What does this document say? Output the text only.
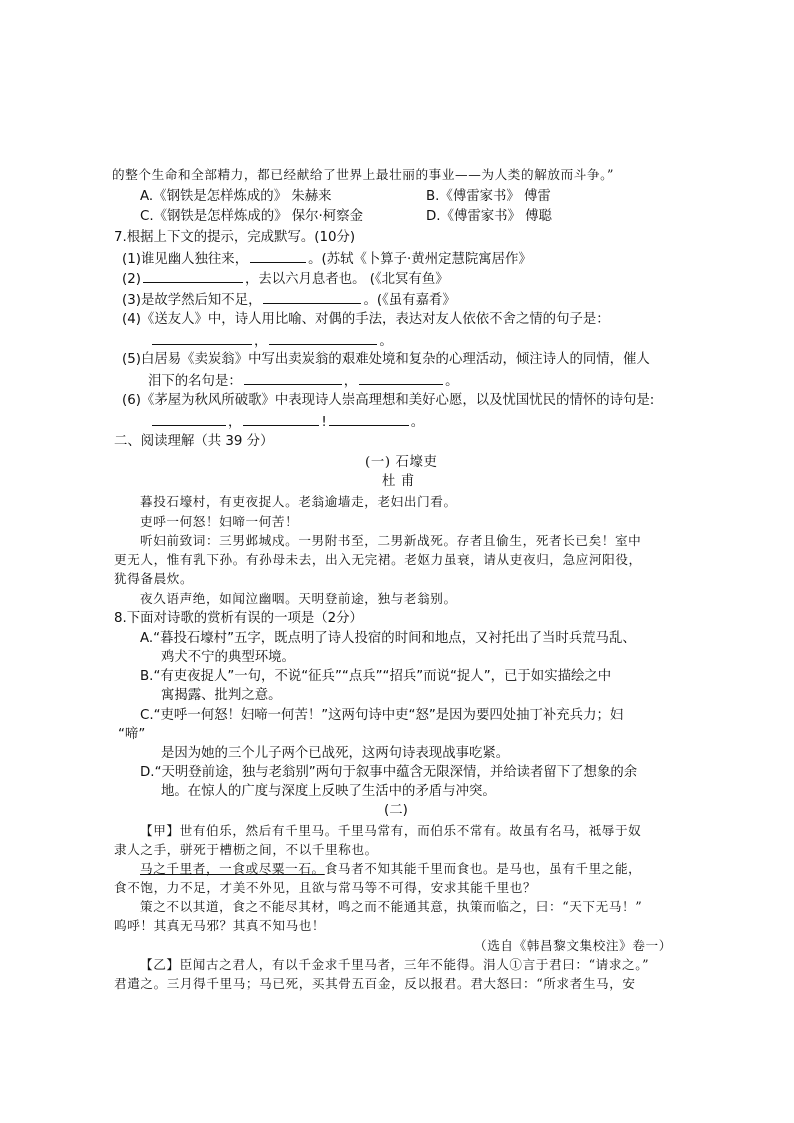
的整个生命和全部精力，都已经献给了世界上最壮丽的事业——为人类的解放而斗争。”
A.《钢铁是怎样炼成的》 朱赫来	B.《傅雷家书》 傅雷
C.《钢铁是怎样炼成的》 保尔·柯察金	D.《傅雷家书》 傅聪
7.根据上下文的提示，完成默写。(10分)
(1)谁见幽人独往来，	。(苏轼《卜算子·黄州定慧院寓居作》
(2)	，去以六月息者也。 (《北冥有鱼》
(3)是故学然后知不足，	。(《虽有嘉肴》
(4)《送友人》中，诗人用比喻、对偶的手法，表达对友人依依不舍之情的句子是：
，	。
(5)白居易《卖炭翁》中写出卖炭翁的艰难处境和复杂的心理活动，倾注诗人的同情，催人
泪下的名句是：	，	。
(6)《茅屋为秋风所破歌》中表现诗人崇高理想和美好心愿，以及忧国忧民的情怀的诗句是:
，	!	。
二、阅读理解（共 39 分）
(一) 石壕吏
杜 甫
暮投石壕村，有吏夜捉人。老翁逾墙走，老妇出门看。
吏呼一何怒！妇啼一何苦！
听妇前致词：三男邺城戍。一男附书至，二男新战死。存者且偷生，死者长已矣！室中
更无人，惟有乳下孙。有孙母未去，出入无完裙。老妪力虽衰，请从吏夜归，急应河阳役，
犹得备晨炊。
夜久语声绝，如闻泣幽咽。天明登前途，独与老翁别。
8.下面对诗歌的赏析有误的一项是（2分）
A.“暮投石壕村”五字，既点明了诗人投宿的时间和地点，又衬托出了当时兵荒马乱、
鸡犬不宁的典型环境。
B.“有吏夜捉人”一句，不说“征兵”“点兵”“招兵”而说“捉人”，已于如实描绘之中
寓揭露、批判之意。
C.“吏呼一何怒！妇啼一何苦！”这两句诗中吏“怒”是因为要四处抽丁补充兵力；妇
“啼”
是因为她的三个儿子两个已战死，这两句诗表现战事吃紧。
D.“天明登前途，独与老翁别”两句于叙事中蕴含无限深情，并给读者留下了想象的余
地。在惊人的广度与深度上反映了生活中的矛盾与冲突。
(二)
【甲】世有伯乐，然后有千里马。千里马常有，而伯乐不常有。故虽有名马，祗辱于奴
隶人之手，骈死于槽枥之间，不以千里称也。
马之千里者，一食或尽粟一石。食马者不知其能千里而食也。是马也，虽有千里之能，
食不饱，力不足，才美不外见，且欲与常马等不可得，安求其能千里也？
策之不以其道，食之不能尽其材，鸣之而不能通其意，执策而临之，曰：“天下无马！”
呜呼！其真无马邪？其真不知马也！
（选自《韩昌黎文集校注》卷一）
【乙】臣闻古之君人，有以千金求千里马者，三年不能得。涓人①言于君曰：“请求之。”
君遣之。三月得千里马；马已死，买其骨五百金，反以报君。君大怒曰：“所求者生马，安
